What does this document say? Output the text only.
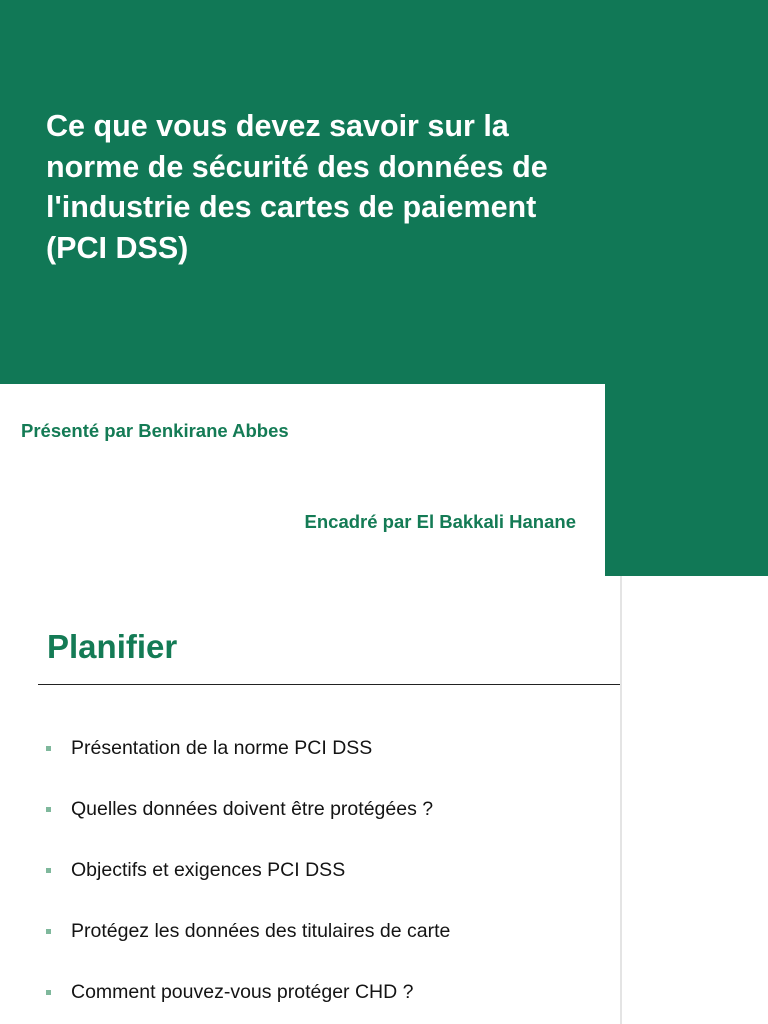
Ce que vous devez savoir sur la norme de sécurité des données de l'industrie des cartes de paiement (PCI DSS)

Présenté par Benkirane Abbes

Encadré par El Bakkali Hanane

Planifier
Présentation de la norme PCI DSS
Quelles données doivent être protégées ?
Objectifs et exigences PCI DSS
Protégez les données des titulaires de carte
Comment pouvez-vous protéger CHD ?
